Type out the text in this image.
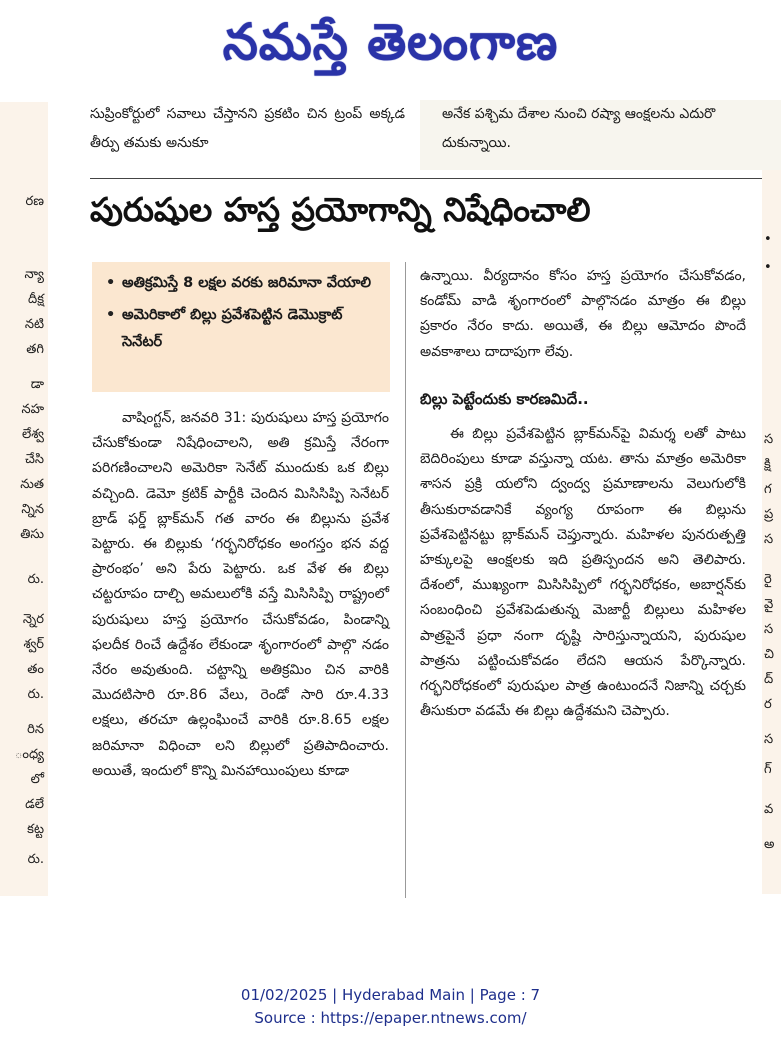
నమస్తే తెలంగాణ
రణ
న్యా
దీక్ష
నటి
తగి
డా
నహ
లేశ్వ
చేసి
నుత
న్నిన
తిసు
రు.
న్నెర
శ్వర్
తం
రు.
రిన
ంధ్య
లో
డలే
కట్ట
రు.
•
•
స
క్షి
గ
ప్ర
స
రై
వై
స
చి
ద్
ర
స
గ్
వ
అ
సుప్రింకోర్టులో సవాలు చేస్తానని ప్రకటిం చిన ట్రంప్ అక్కడ తీర్పు తమకు అనుకూ
అనేక పశ్చిమ దేశాల నుంచి రష్యా ఆంక్షలను ఎదురొ దుకున్నాయి.
పురుషుల హస్త ప్రయోగాన్ని నిషేధించాలి
• అతిక్రమిస్తే 8 లక్షల వరకు జరిమానా వేయాలి
• అమెరికాలో బిల్లు ప్రవేశపెట్టిన డెమొక్రాట్ సెనేటర్

వాషింగ్టన్, జనవరి 31: పురుషులు హస్త ప్రయోగం చేసుకోకుండా నిషేధించాలని, అతి క్రమిస్తే నేరంగా పరిగణించాలని అమెరికా సెనేట్ ముందుకు ఒక బిల్లు వచ్చింది. డెమో క్రటిక్ పార్టీకి చెందిన మిసిసిప్పి సెనేటర్ బ్రాడ్ ఫర్డ్ బ్లాక్‌మన్ గత వారం ఈ బిల్లును ప్రవేశ పెట్టారు. ఈ బిల్లుకు ‘గర్భనిరోధకం అంగస్తం భన వద్ద ప్రారంభం’ అని పేరు పెట్టారు. ఒక వేళ ఈ బిల్లు చట్టరూపం దాల్చి అమలులోకి వస్తే మిసిసిప్పి రాష్ట్రంలో పురుషులు హస్త ప్రయోగం చేసుకోవడం, పిండాన్ని ఫలదీక రించే ఉద్దేశం లేకుండా శృంగారంలో పాల్గొ నడం నేరం అవుతుంది. చట్టాన్ని అతిక్రమిం చిన వారికి మొదటిసారి రూ.86 వేలు, రెండో సారి రూ.4.33 లక్షలు, తరచూ ఉల్లంఘించే వారికి రూ.8.65 లక్షల జరిమానా విధించా లని బిల్లులో ప్రతిపాదించారు. అయితే, ఇందులో కొన్ని మినహాయింపులు కూడా

ఉన్నాయి. వీర్యదానం కోసం హస్త ప్రయోగం చేసుకోవడం, కండోమ్ వాడి శృంగారంలో పాల్గొనడం మాత్రం ఈ బిల్లు ప్రకారం నేరం కాదు. అయితే, ఈ బిల్లు ఆమోదం పొందే అవకాశాలు దాదాపుగా లేవు.

బిల్లు పెట్టేందుకు కారణమిదే..

ఈ బిల్లు ప్రవేశపెట్టిన బ్లాక్‌మన్‌పై విమర్శ లతో పాటు బెదిరింపులు కూడా వస్తున్నా యట. తాను మాత్రం అమెరికా శాసన ప్రక్రి యలోని ద్వంద్వ ప్రమాణాలను వెలుగులోకి తీసుకురావడానికే వ్యంగ్య రూపంగా ఈ బిల్లును ప్రవేశపెట్టినట్టు బ్లాక్‌మన్ చెప్తున్నారు. మహిళల పునరుత్పత్తి హక్కులపై ఆంక్షలకు ఇది ప్రతిస్పందన అని తెలిపారు. దేశంలో, ముఖ్యంగా మిసిసిప్పిలో గర్భనిరోధకం, అబార్షన్‌కు సంబంధించి ప్రవేశపెడుతున్న మెజార్టీ బిల్లులు మహిళల పాత్రపైనే ప్రధా నంగా దృష్టి సారిస్తున్నాయని, పురుషుల పాత్రను పట్టించుకోవడం లేదని ఆయన పేర్కొన్నారు. గర్భనిరోధకంలో పురుషుల పాత్ర ఉంటుందనే నిజాన్ని చర్చకు తీసుకురా వడమే ఈ బిల్లు ఉద్దేశమని చెప్పారు.

01/02/2025 | Hyderabad Main | Page : 7
Source : https://epaper.ntnews.com/
